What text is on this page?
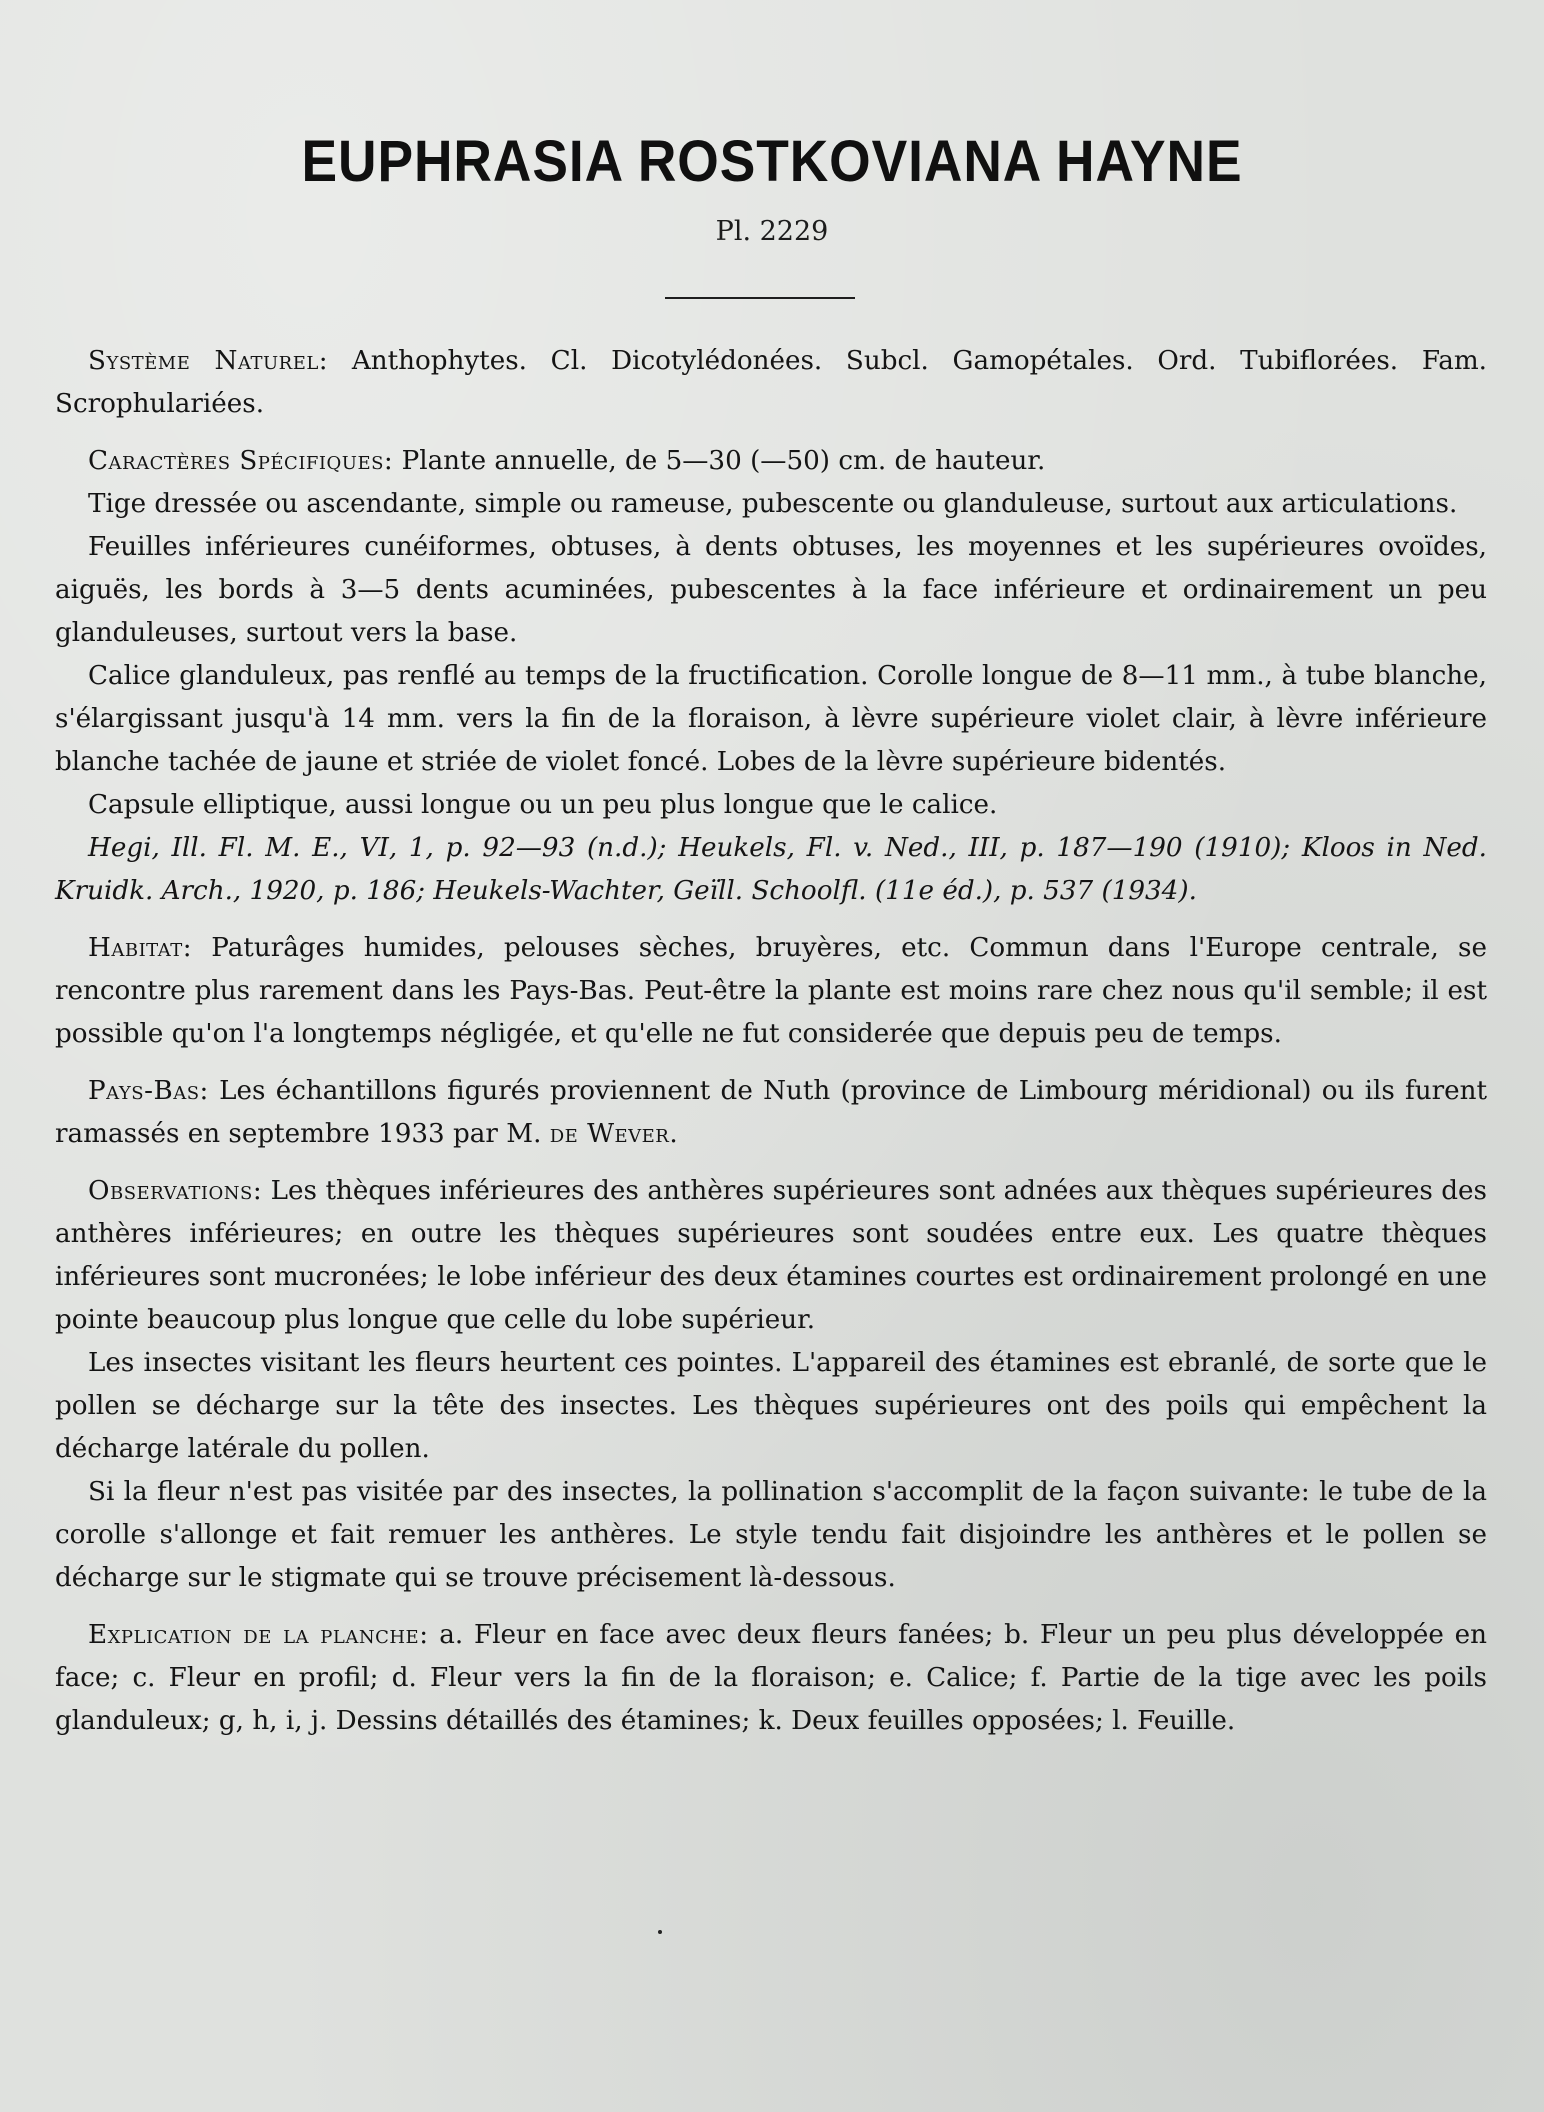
EUPHRASIA ROSTKOVIANA HAYNE
Pl. 2229

Système Naturel: Anthophytes. Cl. Dicotylédonées. Subcl. Gamopétales. Ord. Tubiflorées. Fam. Scrophulariées.

Caractères Spécifiques: Plante annuelle, de 5—30 (—50) cm. de hauteur.

Tige dressée ou ascendante, simple ou rameuse, pubescente ou glanduleuse, surtout aux articulations.

Feuilles inférieures cunéiformes, obtuses, à dents obtuses, les moyennes et les supérieures ovoïdes, aiguës, les bords à 3—5 dents acuminées, pubescentes à la face inférieure et ordinairement un peu glanduleuses, surtout vers la base.

Calice glanduleux, pas renflé au temps de la fructification. Corolle longue de 8—11 mm., à tube blanche, s'élargissant jusqu'à 14 mm. vers la fin de la floraison, à lèvre supérieure violet clair, à lèvre inférieure blanche tachée de jaune et striée de violet foncé. Lobes de la lèvre supérieure bidentés.

Capsule elliptique, aussi longue ou un peu plus longue que le calice.

Hegi, Ill. Fl. M. E., VI, 1, p. 92—93 (n.d.); Heukels, Fl. v. Ned., III, p. 187—190 (1910); Kloos in Ned. Kruidk. Arch., 1920, p. 186; Heukels-Wachter, Geïll. Schoolfl. (11e éd.), p. 537 (1934).

Habitat: Paturâges humides, pelouses sèches, bruyères, etc. Commun dans l'Europe centrale, se rencontre plus rarement dans les Pays-Bas. Peut-être la plante est moins rare chez nous qu'il semble; il est possible qu'on l'a longtemps négligée, et qu'elle ne fut considerée que depuis peu de temps.

Pays-Bas: Les échantillons figurés proviennent de Nuth (province de Limbourg méridional) ou ils furent ramassés en septembre 1933 par M. de Wever.

Observations: Les thèques inférieures des anthères supérieures sont adnées aux thèques supérieures des anthères inférieures; en outre les thèques supérieures sont soudées entre eux. Les quatre thèques inférieures sont mucronées; le lobe inférieur des deux étamines courtes est ordinairement prolongé en une pointe beaucoup plus longue que celle du lobe supérieur.

Les insectes visitant les fleurs heurtent ces pointes. L'appareil des étamines est ebranlé, de sorte que le pollen se décharge sur la tête des insectes. Les thèques supérieures ont des poils qui empêchent la décharge latérale du pollen.

Si la fleur n'est pas visitée par des insectes, la pollination s'accomplit de la façon suivante: le tube de la corolle s'allonge et fait remuer les anthères. Le style tendu fait disjoindre les anthères et le pollen se décharge sur le stigmate qui se trouve précisement là-dessous.

Explication de la planche: a. Fleur en face avec deux fleurs fanées; b. Fleur un peu plus développée en face; c. Fleur en profil; d. Fleur vers la fin de la floraison; e. Calice; f. Partie de la tige avec les poils glanduleux; g, h, i, j. Dessins détaillés des étamines; k. Deux feuilles opposées; l. Feuille.
